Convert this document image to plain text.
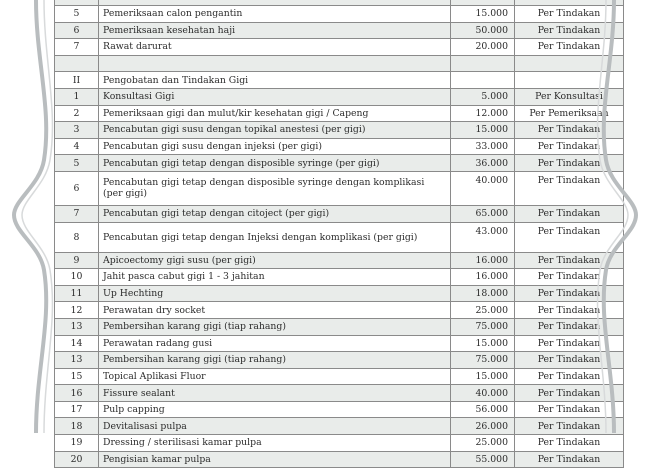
5	Pemeriksaan calon pengantin	15.000	Per Tindakan
6	Pemeriksaan kesehatan haji	50.000	Per Tindakan
7	Rawat darurat	20.000	Per Tindakan

II	Pengobatan dan Tindakan Gigi		
1	Konsultasi Gigi	5.000	Per Konsultasi
2	Pemeriksaan gigi dan mulut/kir kesehatan gigi / Capeng	12.000	Per Pemeriksaan
3	Pencabutan gigi susu dengan topikal anestesi (per gigi)	15.000	Per Tindakan
4	Pencabutan gigi susu dengan injeksi (per gigi)	33.000	Per Tindakan
5	Pencabutan gigi tetap dengan disposible syringe (per gigi)	36.000	Per Tindakan
6	Pencabutan gigi tetap dengan disposible syringe dengan komplikasi (per gigi)	40.000	Per Tindakan
7	Pencabutan gigi tetap dengan citoject (per gigi)	65.000	Per Tindakan
8	Pencabutan gigi tetap dengan Injeksi dengan komplikasi (per gigi)	43.000	Per Tindakan
9	Apicoectomy gigi susu (per gigi)	16.000	Per Tindakan
10	Jahit pasca cabut gigi 1 - 3 jahitan	16.000	Per Tindakan
11	Up Hechting	18.000	Per Tindakan
12	Perawatan dry socket	25.000	Per Tindakan
13	Pembersihan karang gigi (tiap rahang)	75.000	Per Tindakan
14	Perawatan radang gusi	15.000	Per Tindakan
13	Pembersihan karang gigi (tiap rahang)	75.000	Per Tindakan
15	Topical Aplikasi Fluor	15.000	Per Tindakan
16	Fissure sealant	40.000	Per Tindakan
17	Pulp capping	56.000	Per Tindakan
18	Devitalisasi pulpa	26.000	Per Tindakan
19	Dressing / sterilisasi kamar pulpa	25.000	Per Tindakan
20	Pengisian kamar pulpa	55.000	Per Tindakan
